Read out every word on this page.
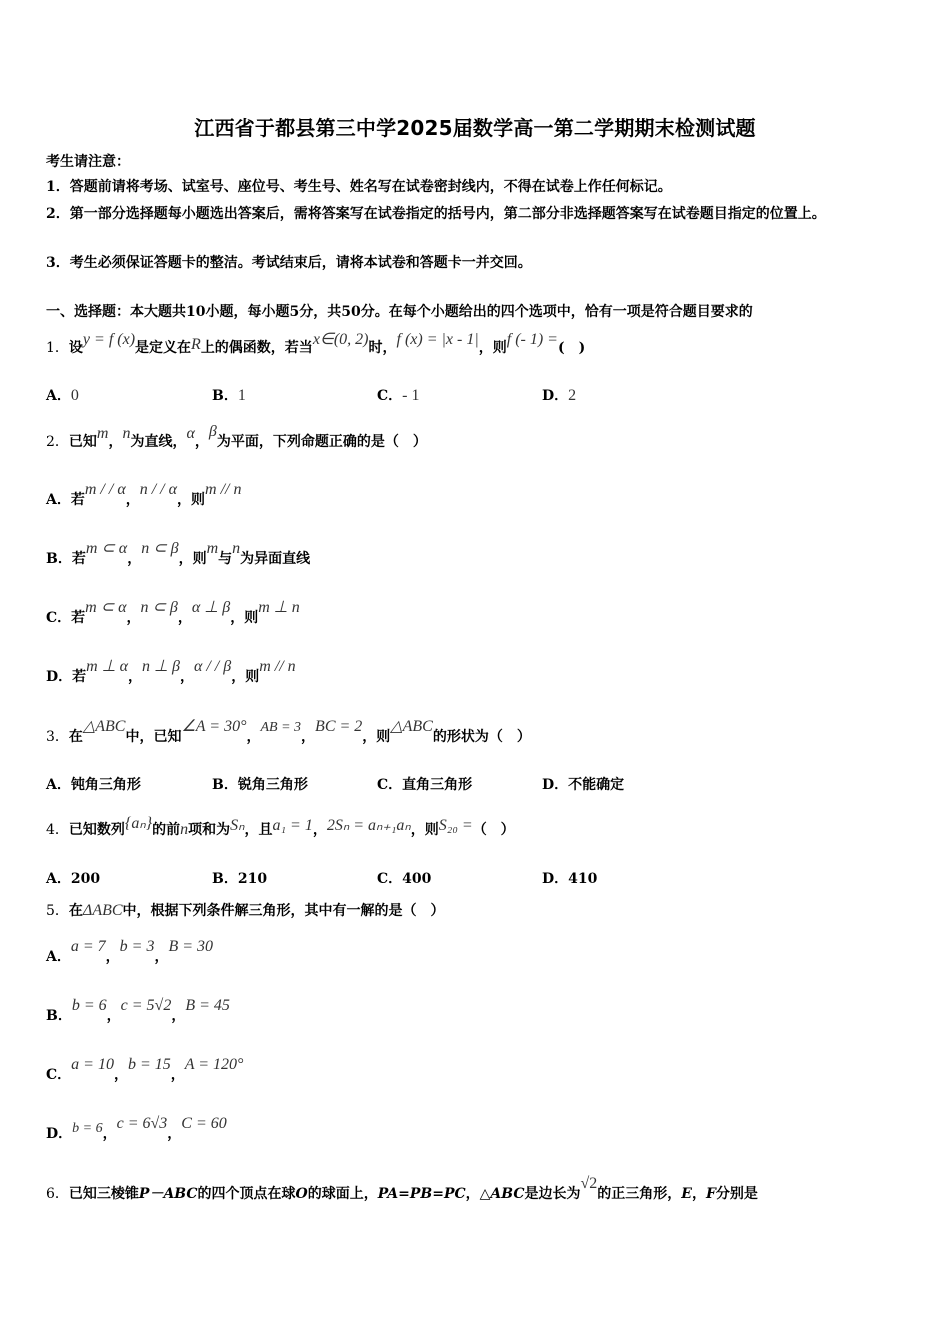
江西省于都县第三中学2025届数学高一第二学期期末检测试题
考生请注意：
1．答题前请将考场、试室号、座位号、考生号、姓名写在试卷密封线内，不得在试卷上作任何标记。
2．第一部分选择题每小题选出答案后，需将答案写在试卷指定的括号内，第二部分非选择题答案写在试卷题目指定的位置上。
3．考生必须保证答题卡的整洁。考试结束后，请将本试卷和答题卡一并交回。
一、选择题：本大题共10小题，每小题5分，共50分。在每个小题给出的四个选项中，恰有一项是符合题目要求的
1．设y = f (x)是定义在R上的偶函数，若当x∈(0, 2)时，f (x) = |x - 1|，则f (- 1) =(　)
A．0	B．1	C．- 1	D．2
2．已知m，n为直线，α，β为平面，下列命题正确的是（　）
A．若m / / α，n / / α，则m // n
B．若m ⊂ α，n ⊂ β，则m与n为异面直线
C．若m ⊂ α，n ⊂ β，α ⊥ β，则m ⊥ n
D．若m ⊥ α，n ⊥ β，α / / β，则m // n
3．在△ABC中，已知∠A = 30°，AB = 3，BC = 2，则△ABC的形状为（　）
A．钝角三角形	B．锐角三角形	C．直角三角形	D．不能确定
4．已知数列{aₙ}的前n项和为Sₙ，且a₁ = 1，2Sₙ = aₙ₊₁aₙ，则S₂₀ =（　）
A．200	B．210	C．400	D．410
5．在ΔABC中，根据下列条件解三角形，其中有一解的是（　）
A．a = 7，b = 3，B = 30
B．b = 6，c = 5√2，B = 45
C．a = 10，b = 15，A = 120°
D．b = 6，c = 6√3，C = 60
6．已知三棱锥P－ABC的四个顶点在球O的球面上，PA=PB=PC，△ABC是边长为√2的正三角形，E，F分别是
